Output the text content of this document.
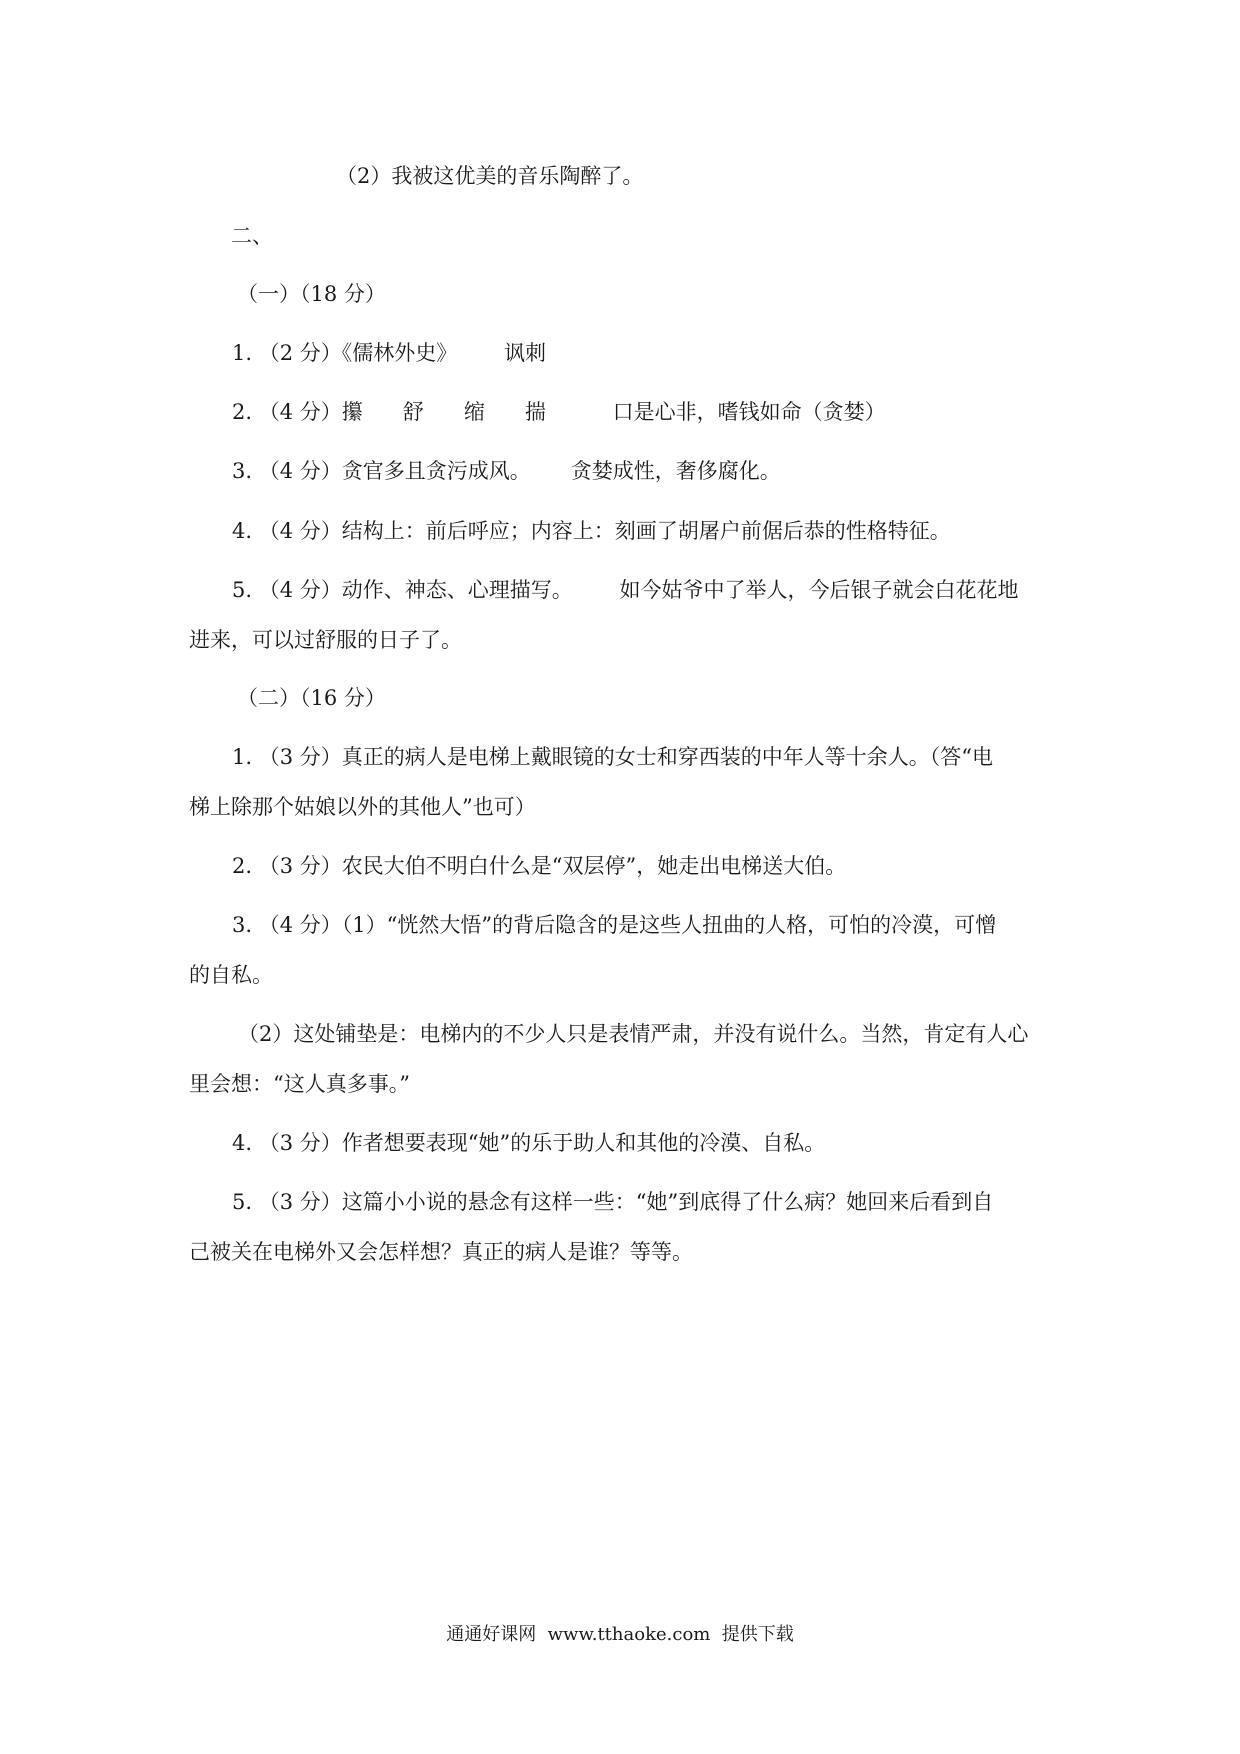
（2）我被这优美的音乐陶醉了。
二、
（一）（18 分）
1. （2 分）《儒林外史》       讽刺
2. （4 分）攥      舒      缩      揣          口是心非，嗜钱如命（贪婪）
3. （4 分）贪官多且贪污成风。      贪婪成性，奢侈腐化。
4. （4 分）结构上：前后呼应；内容上：刻画了胡屠户前倨后恭的性格特征。
5. （4 分）动作、神态、心理描写。       如今姑爷中了举人，今后银子就会白花花地
进来，可以过舒服的日子了。
（二）（16 分）
1. （3 分）真正的病人是电梯上戴眼镜的女士和穿西装的中年人等十余人。（答“电
梯上除那个姑娘以外的其他人”也可）
2. （3 分）农民大伯不明白什么是“双层停”，她走出电梯送大伯。
3. （4 分）（1）“恍然大悟”的背后隐含的是这些人扭曲的人格，可怕的冷漠，可憎
的自私。
（2）这处铺垫是：电梯内的不少人只是表情严肃，并没有说什么。当然，肯定有人心
里会想：“这人真多事。”
4. （3 分）作者想要表现“她”的乐于助人和其他的冷漠、自私。
5. （3 分）这篇小小说的悬念有这样一些：“她”到底得了什么病？她回来后看到自
己被关在电梯外又会怎样想？真正的病人是谁？等等。
通通好课网  www.tthaoke.com  提供下载
